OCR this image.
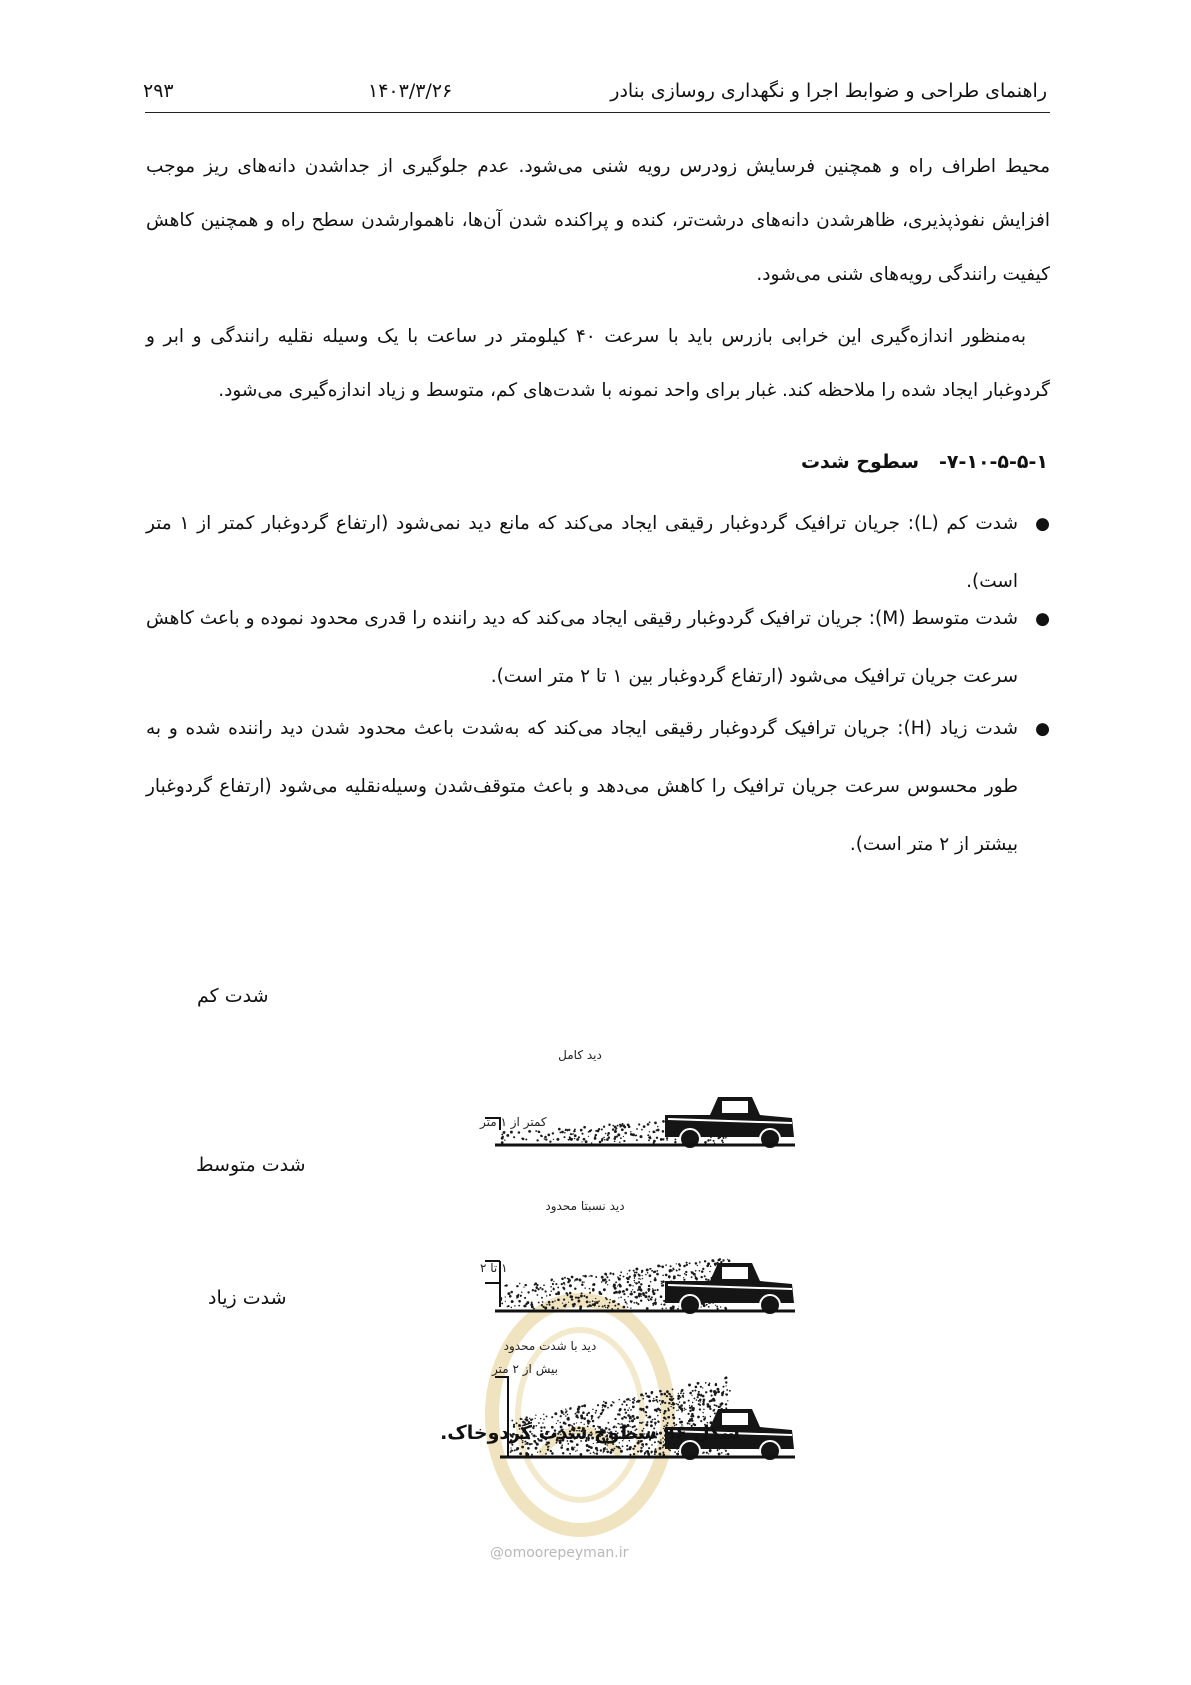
راهنمای طراحی و ضوابط اجرا و نگهداری روسازی بنادر
۱۴۰۳/۳/۲۶
۲۹۳

محیط اطراف راه و همچنین فرسایش زودرس رویه شنی می‌شود. عدم جلوگیری از جداشدن دانه‌های ریز موجب افزایش نفوذپذیری، ظاهرشدن دانه‌های درشت‌تر، کنده و پراکنده شدن آن‌ها، ناهموارشدن سطح راه و همچنین کاهش کیفیت رانندگی رویه‌های شنی می‌شود.

به‌منظور اندازه‌گیری این خرابی بازرس باید با سرعت ۴۰ کیلومتر در ساعت با یک وسیله نقلیه رانندگی و ابر و گردوغبار ایجاد شده را ملاحظه کند. غبار برای واحد نمونه با شدت‌های کم، متوسط و زیاد اندازه‌گیری می‌شود.

۷-۱۰-۵-۵-۱-   سطوح شدت
●
شدت کم (L): جریان ترافیک گردوغبار رقیقی ایجاد می‌کند که مانع دید نمی‌شود (ارتفاع گردوغبار کمتر از ۱ متر است).
●
شدت متوسط (M): جریان ترافیک گردوغبار رقیقی ایجاد می‌کند که دید راننده را قدری محدود نموده و باعث کاهش سرعت جریان ترافیک می‌شود (ارتفاع گردوغبار بین ۱ تا ۲ متر است).
●
شدت زیاد (H): جریان ترافیک گردوغبار رقیقی ایجاد می‌کند که به‌شدت باعث محدود شدن دید راننده شده و به طور محسوس سرعت جریان ترافیک را کاهش می‌دهد و باعث متوقف‌شدن وسیله‌نقلیه می‌شود (ارتفاع گردوغبار بیشتر از ۲ متر است).
شدت کم
شدت متوسط
شدت زیاد
دید کامل
کمتر از ۱ متر
دید نسبتا محدود
۱ تا ۲
دید با شدت محدود
بیش از ۲ متر
شکل ۹۶ سطوح شدت گردوخاک.
@omoorepeyman.ir
